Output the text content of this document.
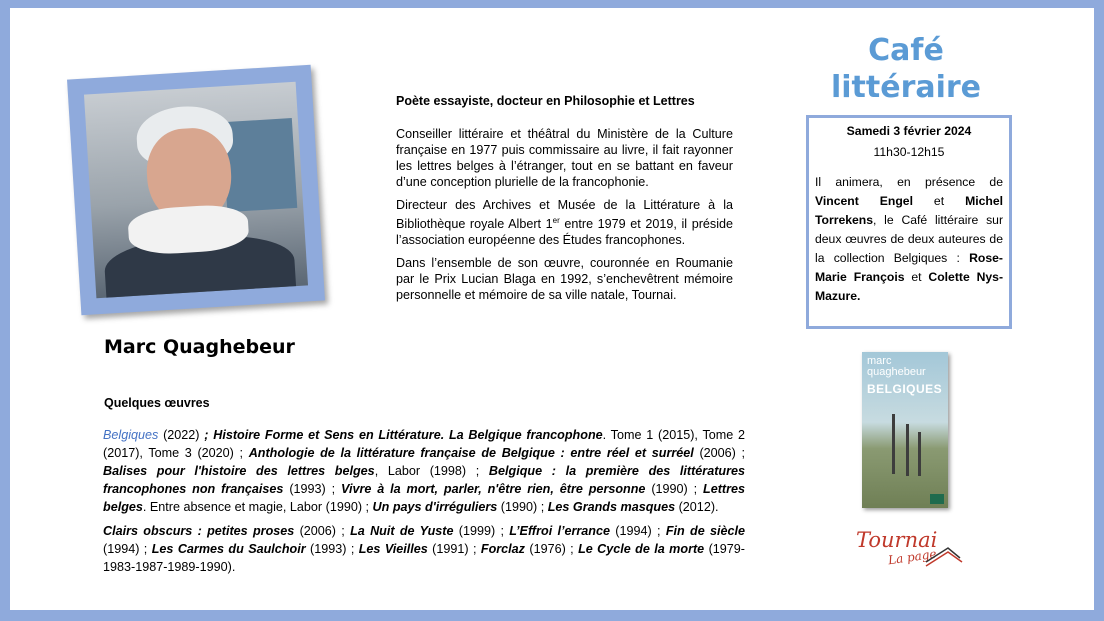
Marc Quaghebeur
Poète essayiste, docteur en Philosophie et Lettres

Conseiller littéraire et théâtral du Ministère de la Culture française en 1977 puis commissaire au livre, il fait rayonner les lettres belges à l’étranger, tout en se battant en faveur d’une conception plurielle de la francophonie.

Directeur des Archives et Musée de la Littérature à la Bibliothèque royale Albert 1er entre 1979 et 2019, il préside l’association européenne des Études francophones.

Dans l’ensemble de son œuvre, couronnée en Roumanie par le Prix Lucian Blaga en 1992, s’enchevêtrent mémoire personnelle et mémoire de sa ville natale, Tournai.

Quelques œuvres

Belgiques (2022) ; Histoire Forme et Sens en Littérature. La Belgique francophone. Tome 1 (2015), Tome 2 (2017), Tome 3 (2020) ; Anthologie de la littérature française de Belgique : entre réel et surréel (2006) ; Balises pour l'histoire des lettres belges, Labor (1998) ; Belgique : la première des littératures francophones non françaises (1993) ; Vivre à la mort, parler, n'être rien, être personne (1990) ; Lettres belges. Entre absence et magie, Labor (1990) ; Un pays d'irréguliers (1990) ; Les Grands masques (2012).

Clairs obscurs : petites proses (2006) ; La Nuit de Yuste (1999) ; L’Effroi l’errance (1994) ; Fin de siècle (1994) ; Les Carmes du Saulchoir (1993) ; Les Vieilles (1991) ; Forclaz (1976) ; Le Cycle de la morte (1979-1983-1987-1989-1990).

Café
littéraire
Samedi 3 février 2024
11h30-12h15
Il animera, en présence de Vincent Engel et Michel Torrekens, le Café littéraire sur deux œuvres de deux auteures de la collection Belgiques : Rose-Marie François et Colette Nys-Mazure.
marc
quaghebeur
BELGIQUES
Tournai
La page
